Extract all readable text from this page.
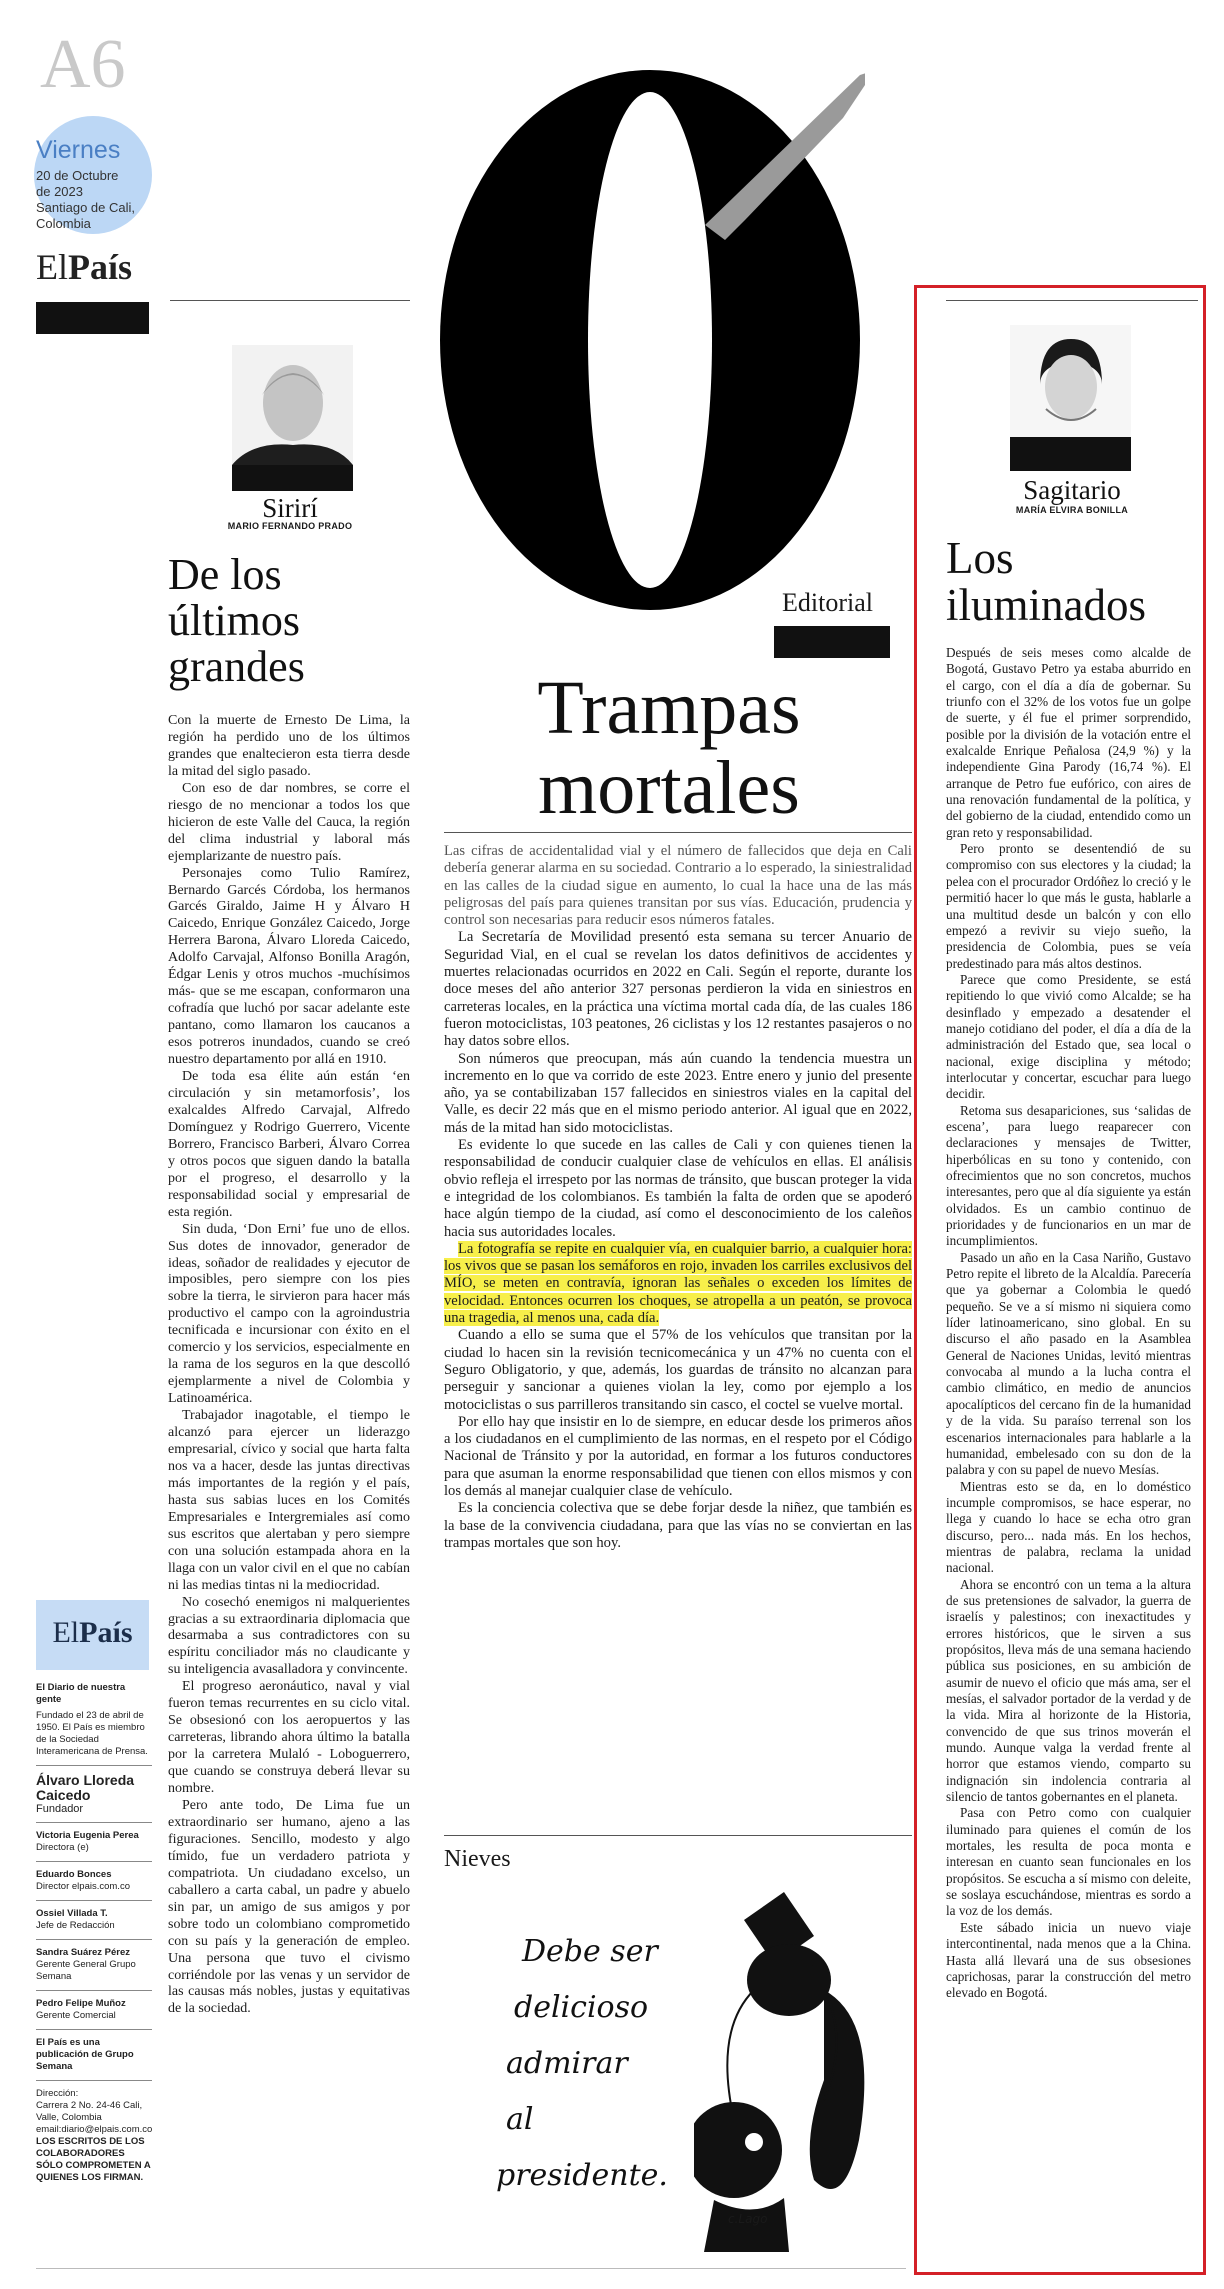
A6
Viernes
20 de Octubre
de 2023
Santiago de Cali,
Colombia
ElPaís
Sirirí
MARIO FERNANDO PRADO
De los
últimos
grandes

Con la muerte de Ernesto De Lima, la región ha perdido uno de los últimos grandes que enaltecieron esta tierra desde la mitad del siglo pasado.

Con eso de dar nombres, se corre el riesgo de no mencionar a todos los que hicieron de este Valle del Cauca, la región del clima industrial y laboral más ejemplarizante de nuestro país.

Personajes como Tulio Ramírez, Bernardo Garcés Córdoba, los hermanos Garcés Giraldo, Jaime H y Álvaro H Caicedo, Enrique González Caicedo, Jorge Herrera Barona, Álvaro Lloreda Caicedo, Adolfo Carvajal, Alfonso Bonilla Aragón, Édgar Lenis y otros muchos -muchísimos más- que se me escapan, conformaron una cofradía que luchó por sacar adelante este pantano, como llamaron los caucanos a esos potreros inundados, cuando se creó nuestro departamento por allá en 1910.

De toda esa élite aún están ‘en circulación y sin metamorfosis’, los exalcaldes Alfredo Carvajal, Alfredo Domínguez y Rodrigo Guerrero, Vicente Borrero, Francisco Barberi, Álvaro Correa y otros pocos que siguen dando la batalla por el progreso, el desarrollo y la responsabilidad social y empresarial de esta región.

Sin duda, ‘Don Erni’ fue uno de ellos. Sus dotes de innovador, generador de ideas, soñador de realidades y ejecutor de imposibles, pero siempre con los pies sobre la tierra, le sirvieron para hacer más productivo el campo con la agroindustria tecnificada e incursionar con éxito en el comercio y los servicios, especialmente en la rama de los seguros en la que descolló ejemplarmente a nivel de Colombia y Latinoamérica.

Trabajador inagotable, el tiempo le alcanzó para ejercer un liderazgo empresarial, cívico y social que harta falta nos va a hacer, desde las juntas directivas más importantes de la región y el país, hasta sus sabias luces en los Comités Empresariales e Intergremiales así como sus escritos que alertaban y pero siempre con una solución estampada ahora en la llaga con un valor civil en el que no cabían ni las medias tintas ni la mediocridad.

No cosechó enemigos ni malquerientes gracias a su extraordinaria diplomacia que desarmaba a sus contradictores con su espíritu conciliador más no claudicante y su inteligencia avasalladora y convincente.

El progreso aeronáutico, naval y vial fueron temas recurrentes en su ciclo vital. Se obsesionó con los aeropuertos y las carreteras, librando ahora último la batalla por la carretera Mulaló - Loboguerrero, que cuando se construya deberá llevar su nombre.

Pero ante todo, De Lima fue un extraordinario ser humano, ajeno a las figuraciones. Sencillo, modesto y algo tímido, fue un verdadero patriota y compatriota. Un ciudadano excelso, un caballero a carta cabal, un padre y abuelo sin par, un amigo de sus amigos y por sobre todo un colombiano comprometido con su país y la generación de empleo. Una persona que tuvo el civismo corriéndole por las venas y un servidor de las causas más nobles, justas y equitativas de la sociedad.

ElPaís
El Diario de nuestra gente
Fundado el 23 de abril de 1950. El País es miembro de la Sociedad Interamericana de Prensa.
Álvaro Lloreda Caicedo
Fundador
Victoria Eugenia Perea
Directora (e)
Eduardo Bonces
Director elpais.com.co
Ossiel Villada T.
Jefe de Redacción
Sandra Suárez Pérez
Gerente General Grupo Semana
Pedro Felipe Muñoz
Gerente Comercial
El País es una publicación de Grupo Semana
Dirección:
Carrera 2 No. 24-46 Cali, Valle, Colombia
email:diario@elpais.com.co
LOS ESCRITOS DE LOS COLABORADORES SÓLO COMPROMETEN A QUIENES LOS FIRMAN.
Editorial
Trampas
mortales

Las cifras de accidentalidad vial y el número de fallecidos que deja en Cali debería generar alarma en su sociedad. Contrario a lo esperado, la siniestralidad en las calles de la ciudad sigue en aumento, lo cual la hace una de las más peligrosas del país para quienes transitan por sus vías. Educación, prudencia y control son necesarias para reducir esos números fatales.

La Secretaría de Movilidad presentó esta semana su tercer Anuario de Seguridad Vial, en el cual se revelan los datos definitivos de accidentes y muertes relacionadas ocurridos en 2022 en Cali. Según el reporte, durante los doce meses del año anterior 327 personas perdieron la vida en siniestros en carreteras locales, en la práctica una víctima mortal cada día, de las cuales 186 fueron motociclistas, 103 peatones, 26 ciclistas y los 12 restantes pasajeros o no hay datos sobre ellos.

Son números que preocupan, más aún cuando la tendencia muestra un incremento en lo que va corrido de este 2023. Entre enero y junio del presente año, ya se contabilizaban 157 fallecidos en siniestros viales en la capital del Valle, es decir 22 más que en el mismo periodo anterior. Al igual que en 2022, más de la mitad han sido motociclistas.

Es evidente lo que sucede en las calles de Cali y con quienes tienen la responsabilidad de conducir cualquier clase de vehículos en ellas. El análisis obvio refleja el irrespeto por las normas de tránsito, que buscan proteger la vida e integridad de los colombianos. Es también la falta de orden que se apoderó hace algún tiempo de la ciudad, así como el desconocimiento de los caleños hacia sus autoridades locales.

La fotografía se repite en cualquier vía, en cualquier barrio, a cualquier hora: los vivos que se pasan los semáforos en rojo, invaden los carriles exclusivos del MÍO, se meten en contravía, ignoran las señales o exceden los límites de velocidad. Entonces ocurren los choques, se atropella a un peatón, se provoca una tragedia, al menos una, cada día.

Cuando a ello se suma que el 57% de los vehículos que transitan por la ciudad lo hacen sin la revisión tecnicomecánica y un 47% no cuenta con el Seguro Obligatorio, y que, además, los guardas de tránsito no alcanzan para perseguir y sancionar a quienes violan la ley, como por ejemplo a los motociclistas o sus parrilleros transitando sin casco, el coctel se vuelve mortal.

Por ello hay que insistir en lo de siempre, en educar desde los primeros años a los ciudadanos en el cumplimiento de las normas, en el respeto por el Código Nacional de Tránsito y por la autoridad, en formar a los futuros conductores para que asuman la enorme responsabilidad que tienen con ellos mismos y con los demás al manejar cualquier clase de vehículo.

Es la conciencia colectiva que se debe forjar desde la niñez, que también es la base de la convivencia ciudadana, para que las vías no se conviertan en las trampas mortales que son hoy.

Nieves
Debe ser
delicioso
admirar
al
presidente.
c.Lago
Sagitario
MARÍA ELVIRA BONILLA
Los
iluminados

Después de seis meses como alcalde de Bogotá, Gustavo Petro ya estaba aburrido en el cargo, con el día a día de gobernar. Su triunfo con el 32% de los votos fue un golpe de suerte, y él fue el primer sorprendido, posible por la división de la votación entre el exalcalde Enrique Peñalosa (24,9 %) y la independiente Gina Parody (16,74 %). El arranque de Petro fue eufórico, con aires de una renovación fundamental de la política, y del gobierno de la ciudad, entendido como un gran reto y responsabilidad.

Pero pronto se desentendió de su compromiso con sus electores y la ciudad; la pelea con el procurador Ordóñez lo creció y le permitió hacer lo que más le gusta, hablarle a una multitud desde un balcón y con ello empezó a revivir su viejo sueño, la presidencia de Colombia, pues se veía predestinado para más altos destinos.

Parece que como Presidente, se está repitiendo lo que vivió como Alcalde; se ha desinflado y empezado a desatender el manejo cotidiano del poder, el día a día de la administración del Estado que, sea local o nacional, exige disciplina y método; interlocutar y concertar, escuchar para luego decidir.

Retoma sus desapariciones, sus ‘salidas de escena’, para luego reaparecer con declaraciones y mensajes de Twitter, hiperbólicas en su tono y contenido, con ofrecimientos que no son concretos, muchos interesantes, pero que al día siguiente ya están olvidados. Es un cambio continuo de prioridades y de funcionarios en un mar de incumplimientos.

Pasado un año en la Casa Nariño, Gustavo Petro repite el libreto de la Alcaldía. Parecería que ya gobernar a Colombia le quedó pequeño. Se ve a sí mismo ni siquiera como líder latinoamericano, sino global. En su discurso el año pasado en la Asamblea General de Naciones Unidas, levitó mientras convocaba al mundo a la lucha contra el cambio climático, en medio de anuncios apocalípticos del cercano fin de la humanidad y de la vida. Su paraíso terrenal son los escenarios internacionales para hablarle a la humanidad, embelesado con su don de la palabra y con su papel de nuevo Mesías.

Mientras esto se da, en lo doméstico incumple compromisos, se hace esperar, no llega y cuando lo hace se echa otro gran discurso, pero... nada más. En los hechos, mientras de palabra, reclama la unidad nacional.

Ahora se encontró con un tema a la altura de sus pretensiones de salvador, la guerra de israelís y palestinos; con inexactitudes y errores históricos, que le sirven a sus propósitos, lleva más de una semana haciendo pública sus posiciones, en su ambición de asumir de nuevo el oficio que más ama, ser el mesías, el salvador portador de la verdad y de la vida. Mira al horizonte de la Historia, convencido de que sus trinos moverán el mundo. Aunque valga la verdad frente al horror que estamos viendo, comparto su indignación sin indolencia contraria al silencio de tantos gobernantes en el planeta.

Pasa con Petro como con cualquier iluminado para quienes el común de los mortales, les resulta de poca monta e interesan en cuanto sean funcionales en los propósitos. Se escucha a sí mismo con deleite, se soslaya escuchándose, mientras es sordo a la voz de los demás.

Este sábado inicia un nuevo viaje intercontinental, nada menos que a la China. Hasta allá llevará una de sus obsesiones caprichosas, parar la construcción del metro elevado en Bogotá.
